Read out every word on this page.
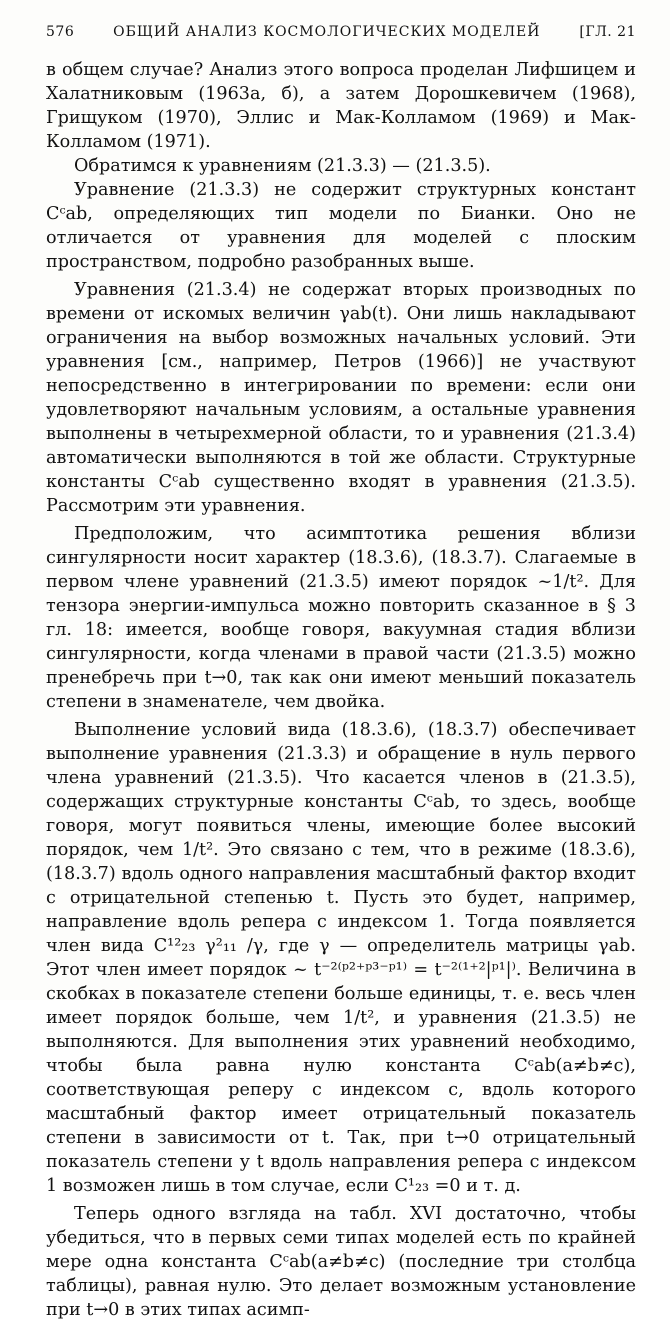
576	ОБЩИЙ АНАЛИЗ КОСМОЛОГИЧЕСКИХ МОДЕЛЕЙ	[ГЛ. 21

в общем случае? Анализ этого вопроса проделан Лифшицем и Халатниковым (1963а, б), а затем Дорошкевичем (1968), Грищуком (1970), Эллис и Мак-Колламом (1969) и Мак-Колламом (1971).

Обратимся к уравнениям (21.3.3) — (21.3.5).

Уравнение (21.3.3) не содержит структурных констант Cᶜab, определяющих тип модели по Бианки. Оно не отличается от уравнения для моделей с плоским пространством, подробно разобранных выше.

Уравнения (21.3.4) не содержат вторых производных по времени от искомых величин γab(t). Они лишь накладывают ограничения на выбор возможных начальных условий. Эти уравнения [см., например, Петров (1966)] не участвуют непосредственно в интегрировании по времени: если они удовлетворяют начальным условиям, а остальные уравнения выполнены в четырехмерной области, то и уравнения (21.3.4) автоматически выполняются в той же области. Структурные константы Cᶜab существенно входят в уравнения (21.3.5). Рассмотрим эти уравнения.

Предположим, что асимптотика решения вблизи сингулярности носит характер (18.3.6), (18.3.7). Слагаемые в первом члене уравнений (21.3.5) имеют порядок ~1/t². Для тензора энергии-импульса можно повторить сказанное в § 3 гл. 18: имеется, вообще говоря, вакуумная стадия вблизи сингулярности, когда членами в правой части (21.3.5) можно пренебречь при t→0, так как они имеют меньший показатель степени в знаменателе, чем двойка.

Выполнение условий вида (18.3.6), (18.3.7) обеспечивает выполнение уравнения (21.3.3) и обращение в нуль первого члена уравнений (21.3.5). Что касается членов в (21.3.5), содержащих структурные константы Cᶜab, то здесь, вообще говоря, могут появиться члены, имеющие более высокий порядок, чем 1/t². Это связано с тем, что в режиме (18.3.6), (18.3.7) вдоль одного направления масштабный фактор входит с отрицательной степенью t. Пусть это будет, например, направление вдоль репера с индексом 1. Тогда появляется член вида C¹²₂₃ γ²₁₁ /γ, где γ — определитель матрицы γab. Этот член имеет порядок ~ t⁻²⁽ᵖ²⁺ᵖ³⁻ᵖ¹⁾ = t⁻²⁽¹⁺²|ᵖ¹|⁾. Величина в скобках в показателе степени больше единицы, т. е. весь член имеет порядок больше, чем 1/t², и уравнения (21.3.5) не выполняются. Для выполнения этих уравнений необходимо, чтобы была равна нулю константа Cᶜab(a≠b≠c), соответствующая реперу с индексом c, вдоль которого масштабный фактор имеет отрицательный показатель степени в зависимости от t. Так, при t→0 отрицательный показатель степени у t вдоль направления репера с индексом 1 возможен лишь в том случае, если C¹₂₃ =0 и т. д.

Теперь одного взгляда на табл. XVI достаточно, чтобы убедиться, что в первых семи типах моделей есть по крайней мере одна константа Cᶜab(a≠b≠c) (последние три столбца таблицы), равная нулю. Это делает возможным установление при t→0 в этих типах асимп-
